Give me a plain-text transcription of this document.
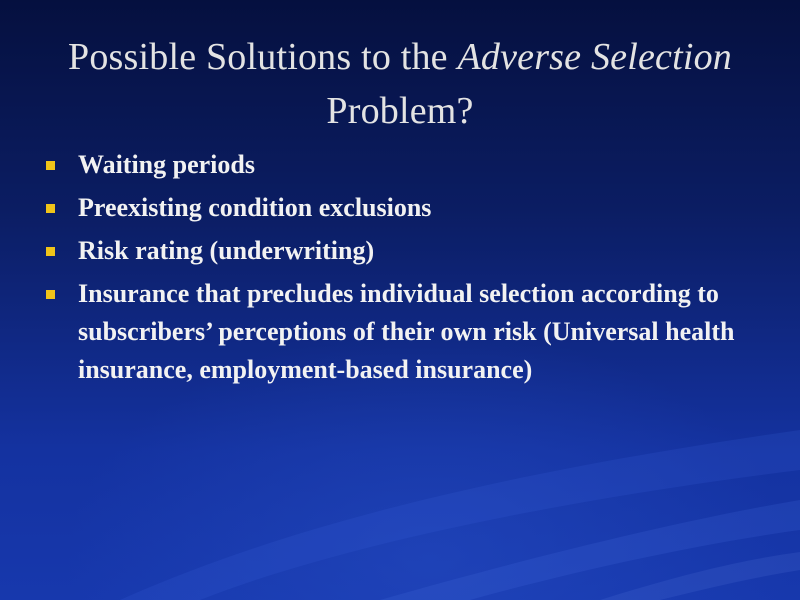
Possible Solutions to the Adverse Selection
Problem?
Waiting periods
Preexisting condition exclusions
Risk rating (underwriting)
Insurance that precludes individual selection according to subscribers’ perceptions of their own risk (Universal health insurance, employment-based insurance)
